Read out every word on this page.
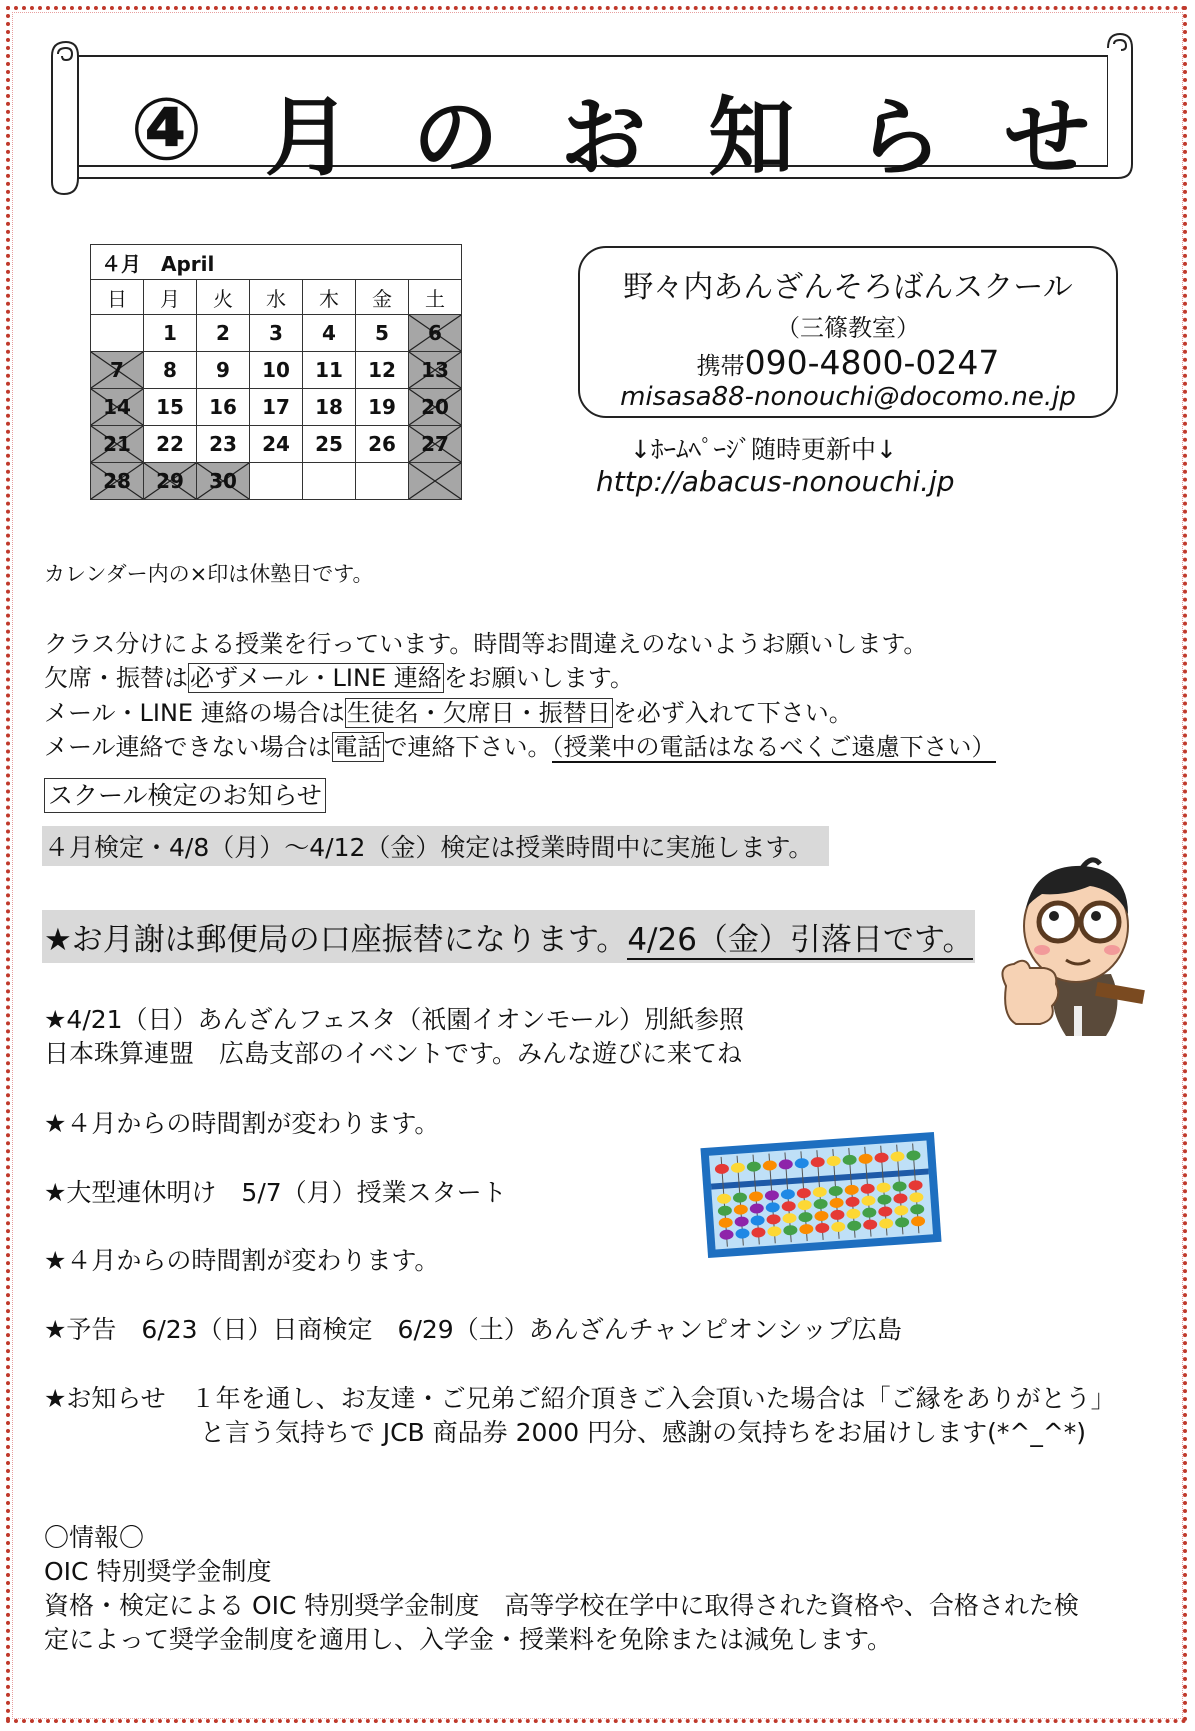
④ 月 の お 知 ら せ
４月　April						
日	月	火	水	木	金	土
	1	2	3	4	5	6

7	8	9	10	11	12	13

14	15	16	17	18	19	20

21	22	23	24	25	26	27

28	29	30				
野々内あんざんそろばんスクール
（三篠教室）
携帯090-4800-0247
misasa88-nonouchi@docomo.ne.jp
↓ﾎｰﾑﾍﾟｰｼﾞ随時更新中↓
http://abacus-nonouchi.jp
カレンダー内の×印は休塾日です。
クラス分けによる授業を行っています。時間等お間違えのないようお願いします。
欠席・振替は必ずメール・LINE 連絡をお願いします。
メール・LINE 連絡の場合は生徒名・欠席日・振替日を必ず入れて下さい。
メール連絡できない場合は電話で連絡下さい。（授業中の電話はなるべくご遠慮下さい）
スクール検定のお知らせ
４月検定・4/8（月）～4/12（金）検定は授業時間中に実施します。
★お月謝は郵便局の口座振替になります。4/26（金）引落日です。
★4/21（日）あんざんフェスタ（祇園イオンモール）別紙参照
日本珠算連盟　広島支部のイベントです。みんな遊びに来てね
★４月からの時間割が変わります。
★大型連休明け　5/7（月）授業スタート
★４月からの時間割が変わります。
★予告　6/23（日）日商検定　6/29（土）あんざんチャンピオンシップ広島
★お知らせ　１年を通し、お友達・ご兄弟ご紹介頂きご入会頂いた場合は「ご縁をありがとう」
と言う気持ちで JCB 商品券 2000 円分、感謝の気持ちをお届けします(*^_^*)
〇情報〇
OIC 特別奨学金制度
資格・検定による OIC 特別奨学金制度　高等学校在学中に取得された資格や、合格された検
定によって奨学金制度を適用し、入学金・授業料を免除または減免します。
